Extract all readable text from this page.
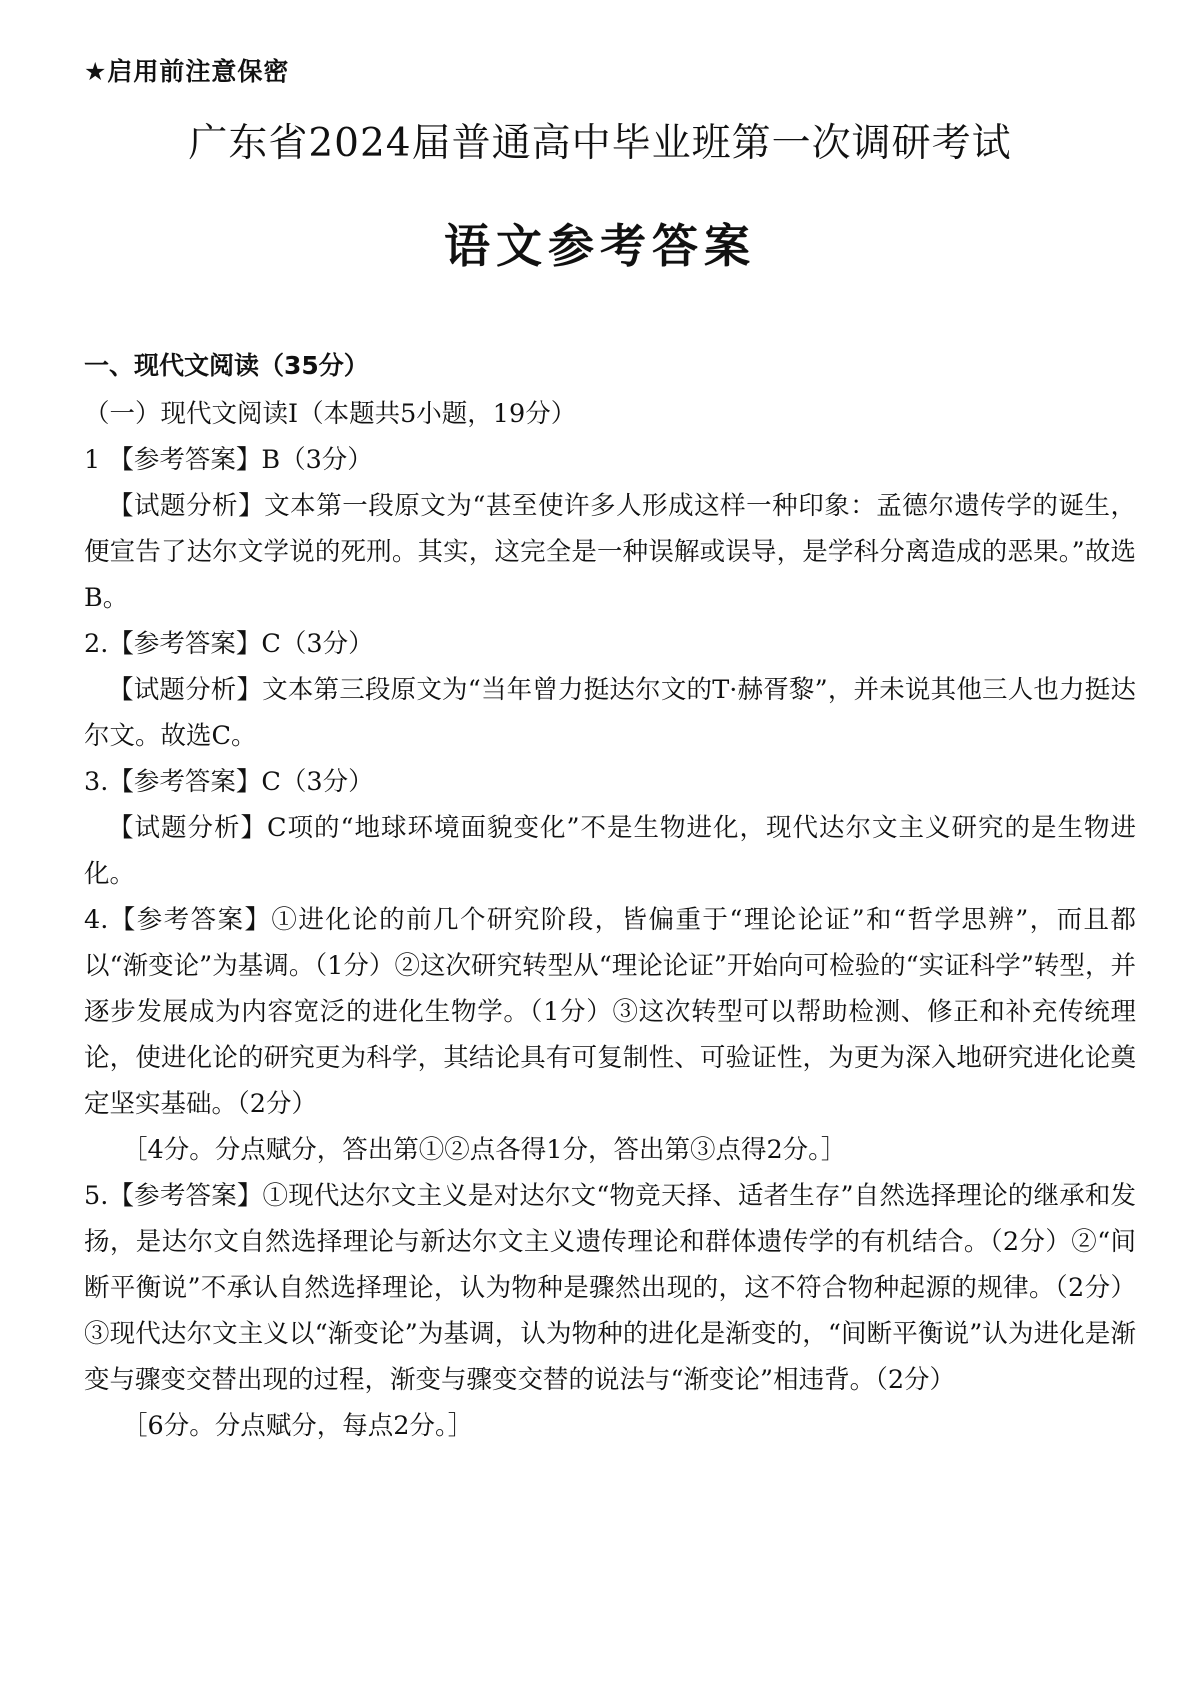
★启用前注意保密
广东省2024届普通高中毕业班第一次调研考试
语文参考答案

一、现代文阅读（35分）

（一）现代文阅读Ⅰ（本题共5小题，19分）

1 【参考答案】B（3分）

【试题分析】文本第一段原文为“甚至使许多人形成这样一种印象：孟德尔遗传学的诞生，便宣告了达尔文学说的死刑。其实，这完全是一种误解或误导，是学科分离造成的恶果。”故选B。

2.【参考答案】C（3分）

【试题分析】文本第三段原文为“当年曾力挺达尔文的T·赫胥黎”，并未说其他三人也力挺达尔文。故选C。

3.【参考答案】C（3分）

【试题分析】C项的“地球环境面貌变化”不是生物进化，现代达尔文主义研究的是生物进化。

4.【参考答案】①进化论的前几个研究阶段，皆偏重于“理论论证”和“哲学思辨”，而且都以“渐变论”为基调。（1分）②这次研究转型从“理论论证”开始向可检验的“实证科学”转型，并逐步发展成为内容宽泛的进化生物学。（1分）③这次转型可以帮助检测、修正和补充传统理论，使进化论的研究更为科学，其结论具有可复制性、可验证性，为更为深入地研究进化论奠定坚实基础。（2分）

［4分。分点赋分，答出第①②点各得1分，答出第③点得2分。］

5.【参考答案】①现代达尔文主义是对达尔文“物竞天择、适者生存”自然选择理论的继承和发扬，是达尔文自然选择理论与新达尔文主义遗传理论和群体遗传学的有机结合。（2分）②“间断平衡说”不承认自然选择理论，认为物种是骤然出现的，这不符合物种起源的规律。（2分）③现代达尔文主义以“渐变论”为基调，认为物种的进化是渐变的，“间断平衡说”认为进化是渐变与骤变交替出现的过程，渐变与骤变交替的说法与“渐变论”相违背。（2分）

［6分。分点赋分，每点2分。］
